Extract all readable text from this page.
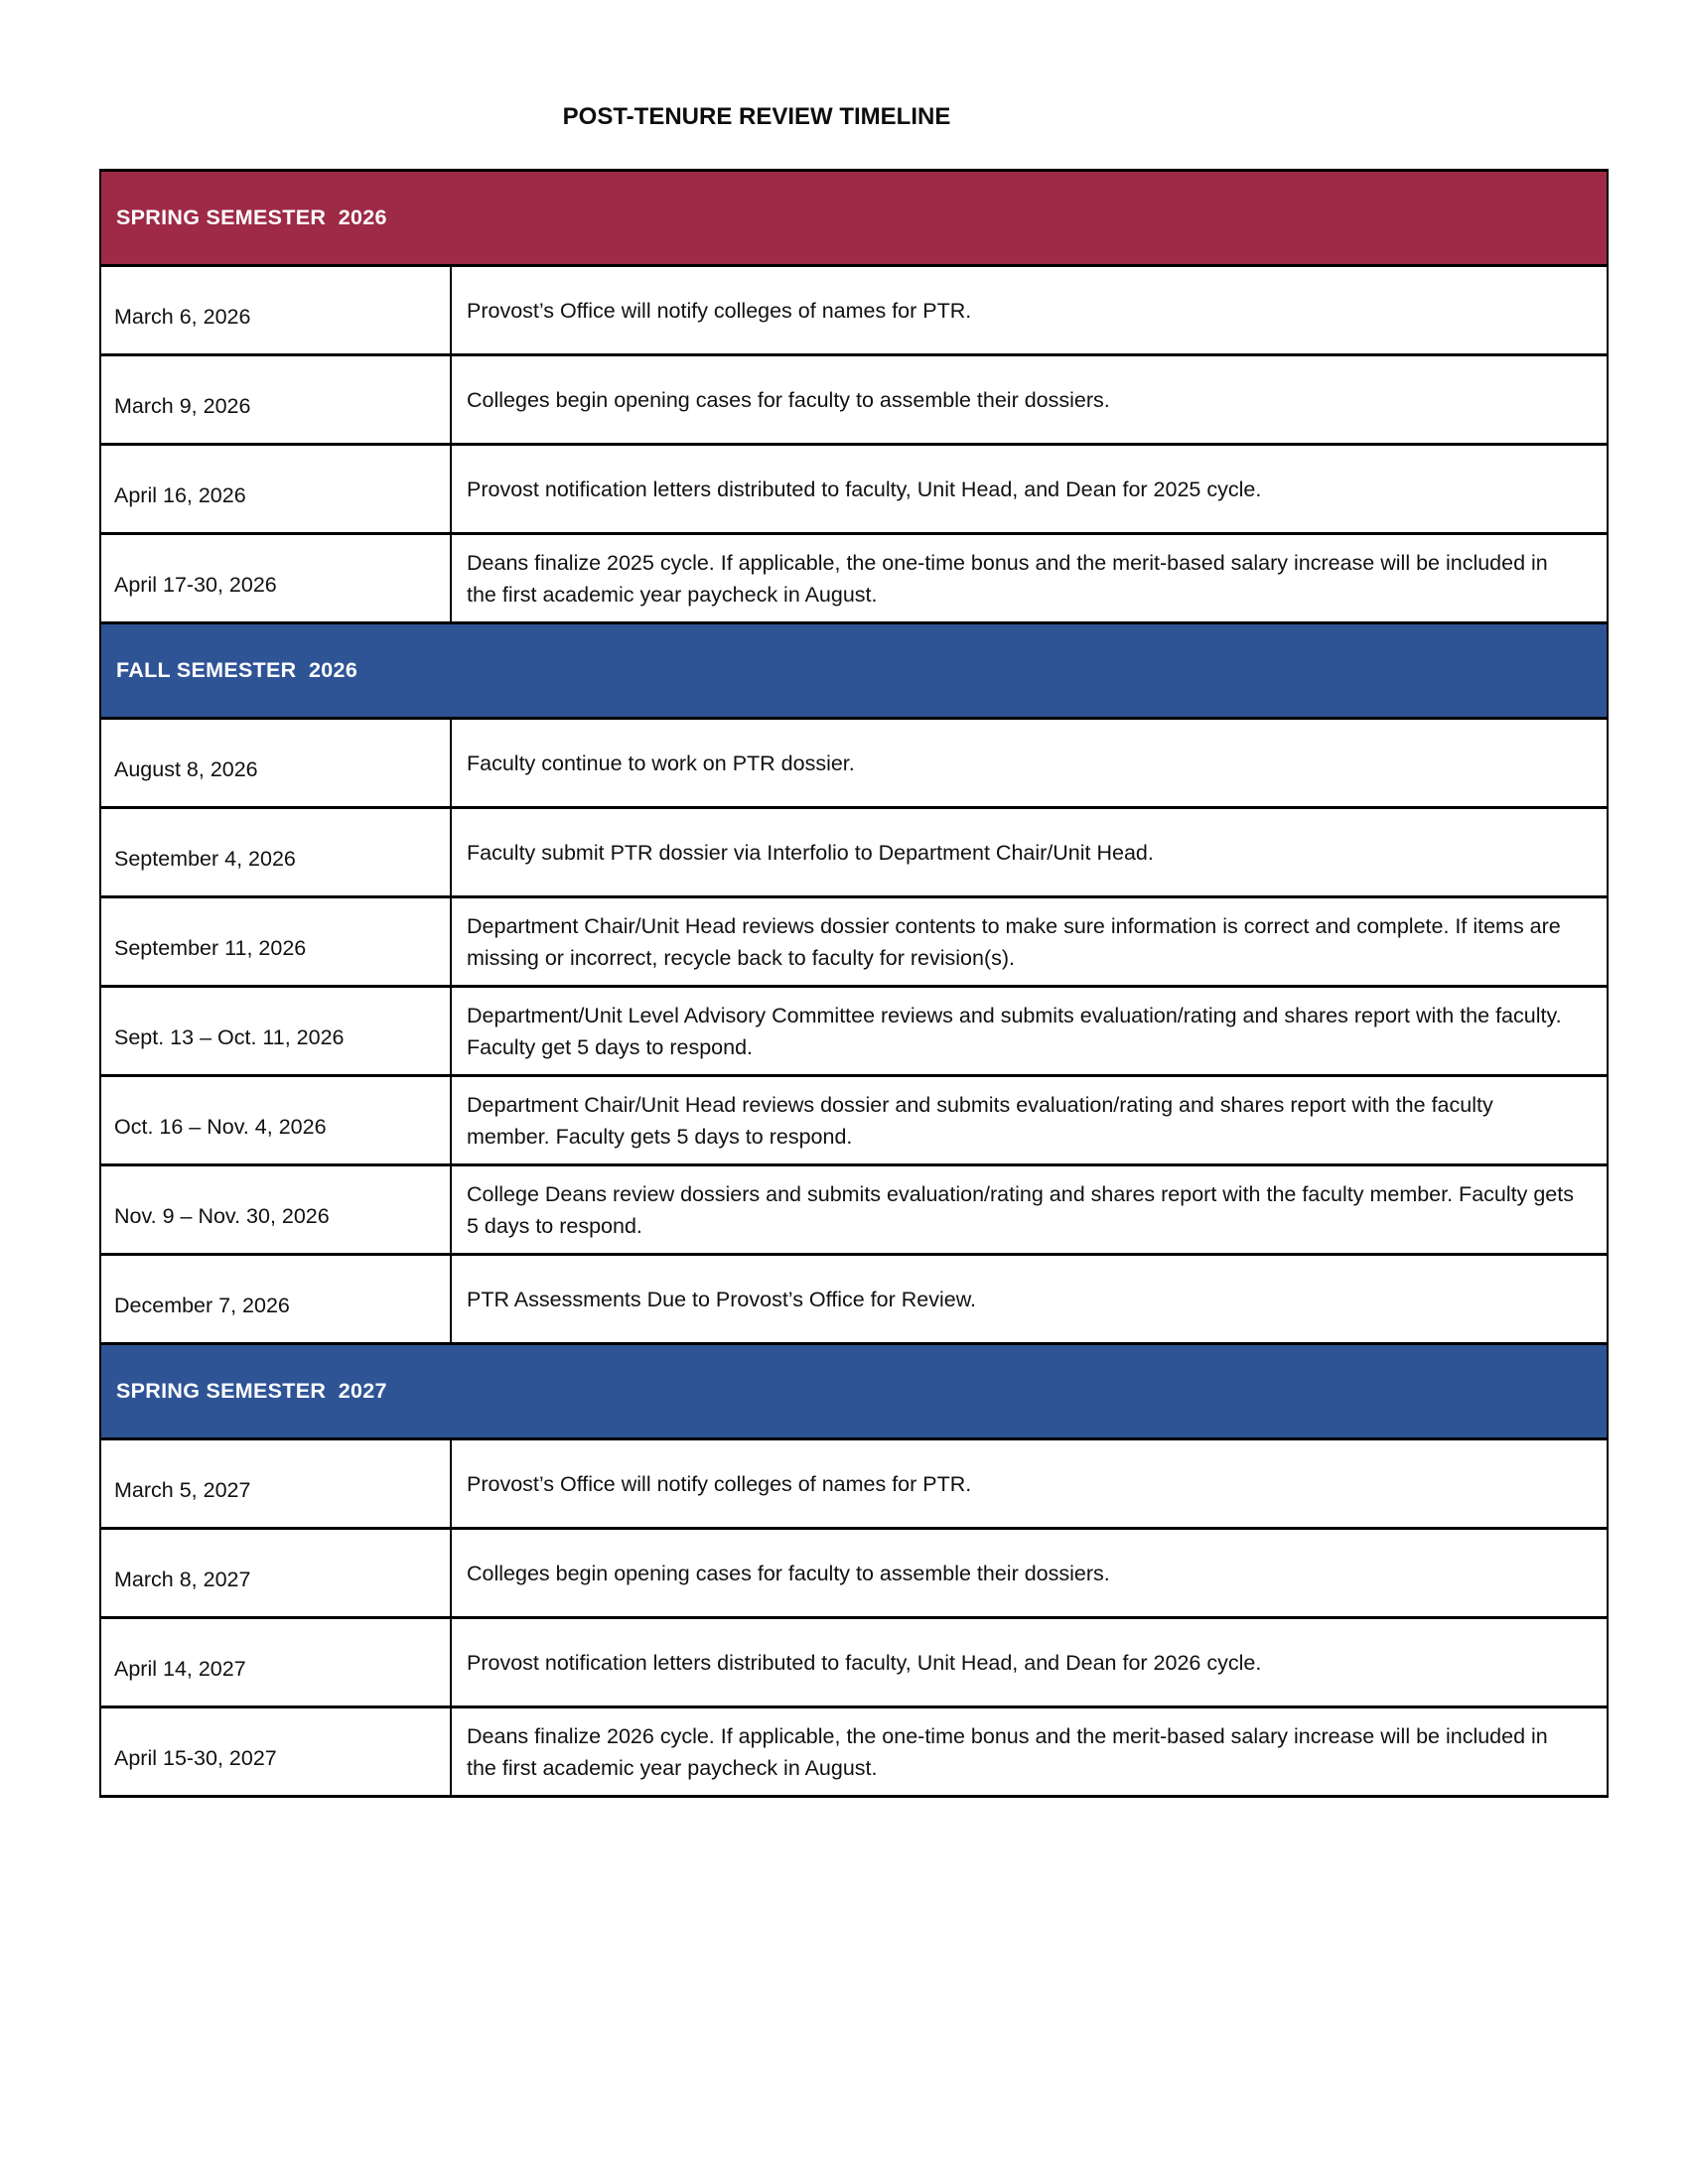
POST-TENURE REVIEW TIMELINE
SPRING SEMESTER  2026	
March 6, 2026	Provost’s Office will notify colleges of names for PTR.
March 9, 2026	Colleges begin opening cases for faculty to assemble their dossiers.
April 16, 2026	Provost notification letters distributed to faculty, Unit Head, and Dean for 2025 cycle.
April 17-30, 2026	Deans finalize 2025 cycle. If applicable, the one-time bonus and the merit-based salary increase will be included in the first academic year paycheck in August.
FALL SEMESTER  2026	
August 8, 2026	Faculty continue to work on PTR dossier.
September 4, 2026	Faculty submit PTR dossier via Interfolio to Department Chair/Unit Head.
September 11, 2026	Department Chair/Unit Head reviews dossier contents to make sure information is correct and complete. If items are missing or incorrect, recycle back to faculty for revision(s).
Sept. 13 – Oct. 11, 2026	Department/Unit Level Advisory Committee reviews and submits evaluation/rating and shares report with the faculty. Faculty get 5 days to respond.
Oct. 16 – Nov. 4, 2026	Department Chair/Unit Head reviews dossier and submits evaluation/rating and shares report with the faculty member. Faculty gets 5 days to respond.
Nov. 9 – Nov. 30, 2026	College Deans review dossiers and submits evaluation/rating and shares report with the faculty member. Faculty gets 5 days to respond.
December 7, 2026	PTR Assessments Due to Provost’s Office for Review.
SPRING SEMESTER  2027	
March 5, 2027	Provost’s Office will notify colleges of names for PTR.
March 8, 2027	Colleges begin opening cases for faculty to assemble their dossiers.
April 14, 2027	Provost notification letters distributed to faculty, Unit Head, and Dean for 2026 cycle.
April 15-30, 2027	Deans finalize 2026 cycle. If applicable, the one-time bonus and the merit-based salary increase will be included in the first academic year paycheck in August.
